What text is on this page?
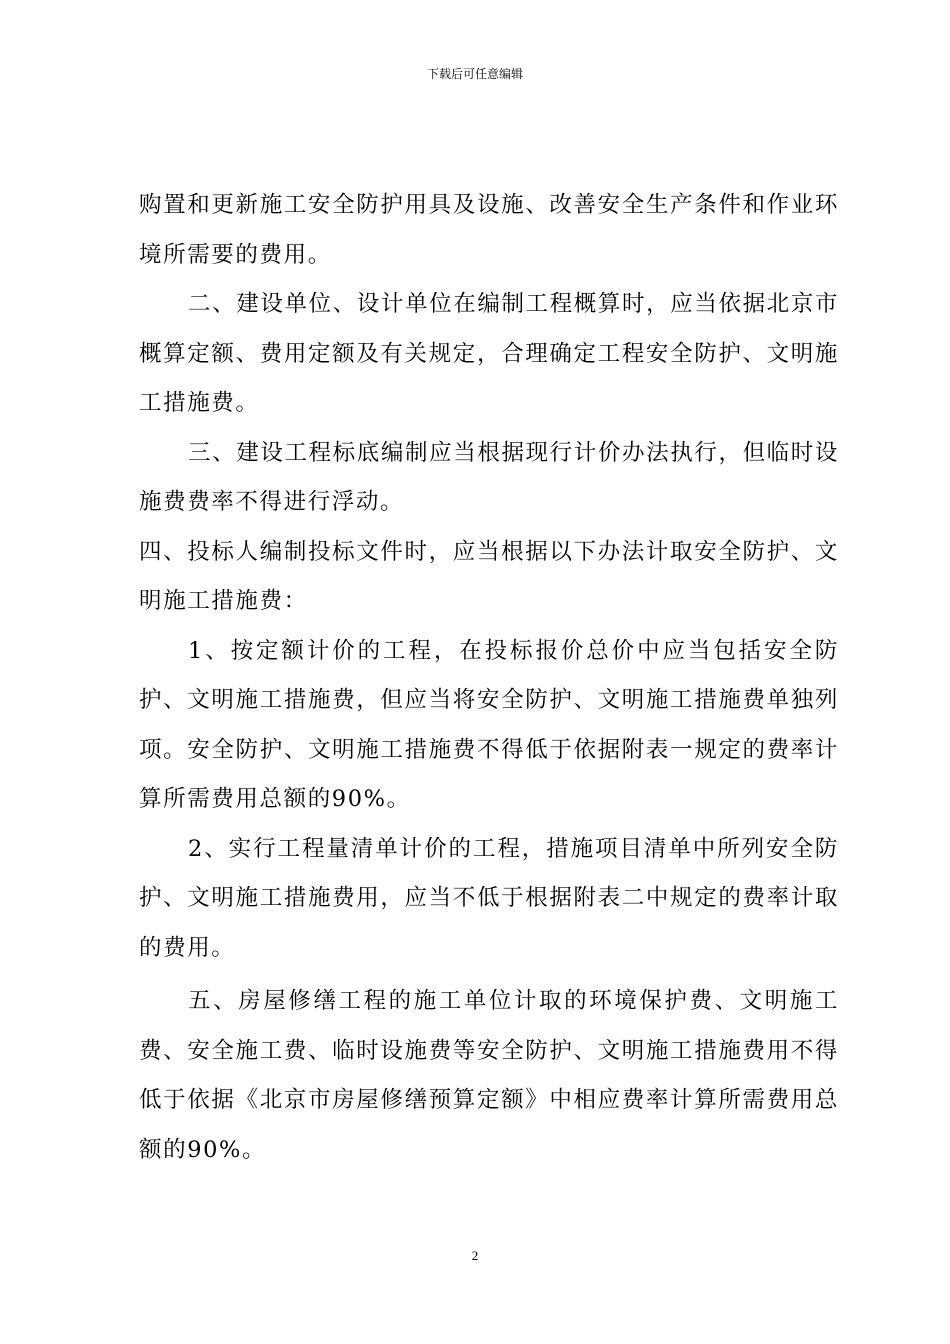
下载后可任意编辑

购置和更新施工安全防护用具及设施、改善安全生产条件和作业环境所需要的费用。

二、建设单位、设计单位在编制工程概算时，应当依据北京市概算定额、费用定额及有关规定，合理确定工程安全防护、文明施工措施费。

三、建设工程标底编制应当根据现行计价办法执行，但临时设施费费率不得进行浮动。

四、投标人编制投标文件时，应当根据以下办法计取安全防护、文明施工措施费：

1、按定额计价的工程，在投标报价总价中应当包括安全防护、文明施工措施费，但应当将安全防护、文明施工措施费单独列项。安全防护、文明施工措施费不得低于依据附表一规定的费率计算所需费用总额的90%。

2、实行工程量清单计价的工程，措施项目清单中所列安全防护、文明施工措施费用，应当不低于根据附表二中规定的费率计取的费用。

五、房屋修缮工程的施工单位计取的环境保护费、文明施工费、安全施工费、临时设施费等安全防护、文明施工措施费用不得低于依据《北京市房屋修缮预算定额》中相应费率计算所需费用总额的90%。

2
